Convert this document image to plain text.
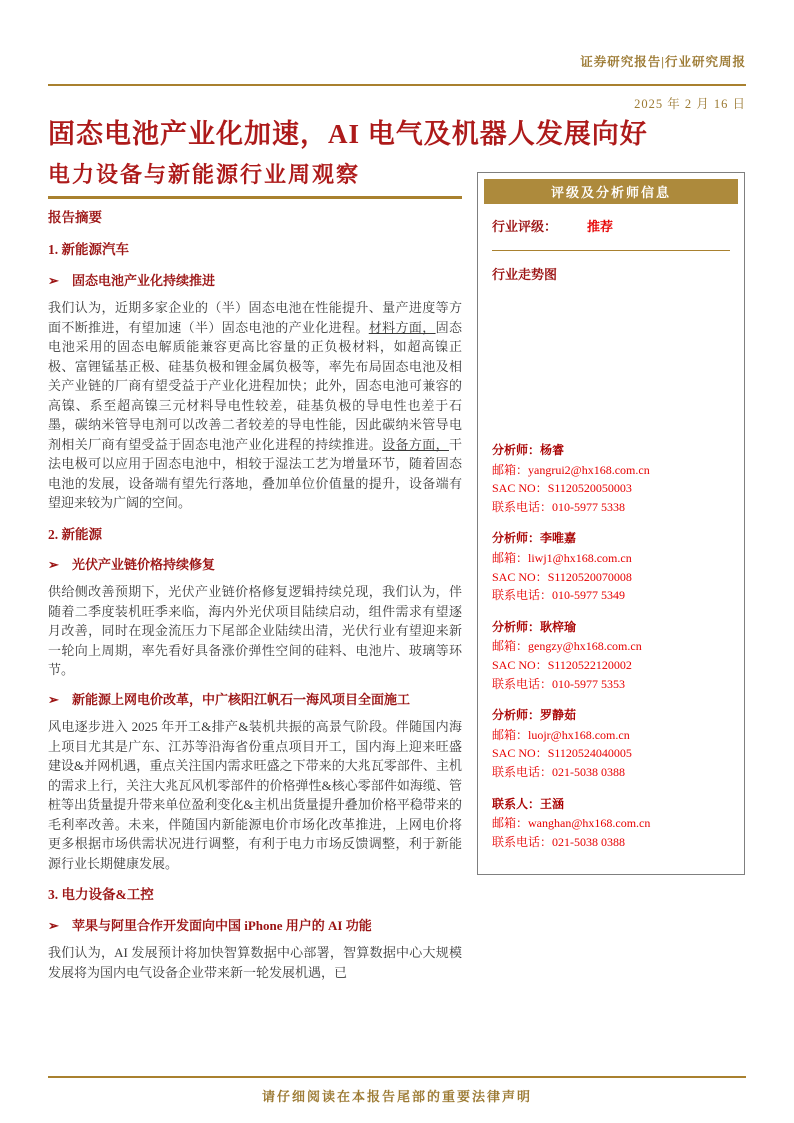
证券研究报告|行业研究周报
2025 年 2 月 16 日
固态电池产业化加速，AI 电气及机器人发展向好
电力设备与新能源行业周观察
报告摘要
1. 新能源汽车
➢	固态电池产业化持续推进

我们认为，近期多家企业的（半）固态电池在性能提升、量产进度等方面不断推进，有望加速（半）固态电池的产业化进程。材料方面，固态电池采用的固态电解质能兼容更高比容量的正负极材料，如超高镍正极、富锂锰基正极、硅基负极和锂金属负极等，率先布局固态电池及相关产业链的厂商有望受益于产业化进程加快；此外，固态电池可兼容的高镍、系至超高镍三元材料导电性较差，硅基负极的导电性也差于石墨，碳纳米管导电剂可以改善二者较差的导电性能，因此碳纳米管导电剂相关厂商有望受益于固态电池产业化进程的持续推进。设备方面，干法电极可以应用于固态电池中，相较于湿法工艺为增量环节，随着固态电池的发展，设备端有望先行落地，叠加单位价值量的提升，设备端有望迎来较为广阔的空间。

2. 新能源
➢	光伏产业链价格持续修复

供给侧改善预期下，光伏产业链价格修复逻辑持续兑现，我们认为，伴随着二季度装机旺季来临，海内外光伏项目陆续启动，组件需求有望逐月改善，同时在现金流压力下尾部企业陆续出清，光伏行业有望迎来新一轮向上周期，率先看好具备涨价弹性空间的硅料、电池片、玻璃等环节。

➢	新能源上网电价改革，中广核阳江帆石一海风项目全面施工

风电逐步进入 2025 年开工&排产&装机共振的高景气阶段。伴随国内海上项目尤其是广东、江苏等沿海省份重点项目开工，国内海上迎来旺盛建设&并网机遇，重点关注国内需求旺盛之下带来的大兆瓦零部件、主机的需求上行，关注大兆瓦风机零部件的价格弹性&核心零部件如海缆、管桩等出货量提升带来单位盈利变化&主机出货量提升叠加价格平稳带来的毛利率改善。未来，伴随国内新能源电价市场化改革推进，上网电价将更多根据市场供需状况进行调整，有利于电力市场反馈调整，利于新能源行业长期健康发展。

3. 电力设备&工控
➢	苹果与阿里合作开发面向中国 iPhone 用户的 AI 功能

我们认为，AI 发展预计将加快智算数据中心部署，智算数据中心大规模发展将为国内电气设备企业带来新一轮发展机遇，已

评级及分析师信息
行业评级： 推荐
行业走势图
分析师：杨睿
邮箱：yangrui2@hx168.com.cn
SAC NO：S1120520050003
联系电话：010-5977 5338
分析师：李唯嘉
邮箱：liwj1@hx168.com.cn
SAC NO：S1120520070008
联系电话：010-5977 5349
分析师：耿梓瑜
邮箱：gengzy@hx168.com.cn
SAC NO：S1120522120002
联系电话：010-5977 5353
分析师：罗静茹
邮箱：luojr@hx168.com.cn
SAC NO：S1120524040005
联系电话：021-5038 0388
联系人：王涵
邮箱：wanghan@hx168.com.cn
联系电话：021-5038 0388
请仔细阅读在本报告尾部的重要法律声明
